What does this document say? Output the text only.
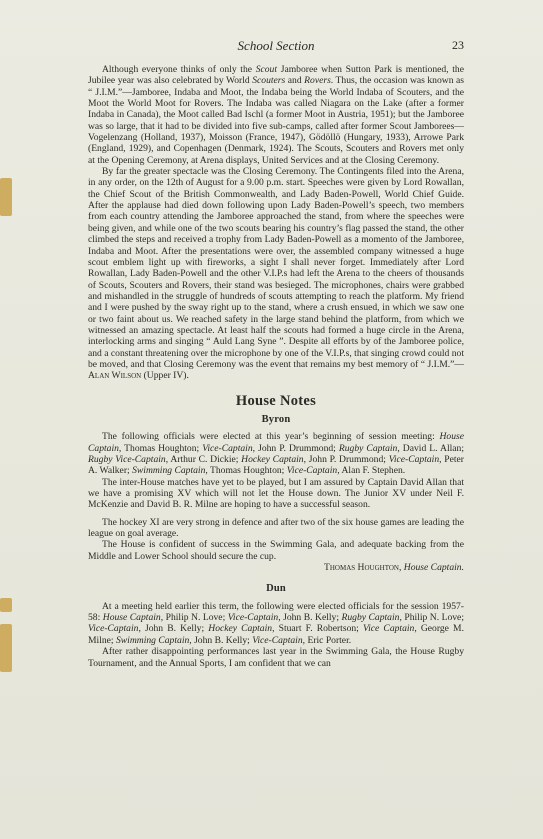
School Section	23

Although everyone thinks of only the Scout Jamboree when Sutton Park is mentioned, the Jubilee year was also celebrated by World Scouters and Rovers. Thus, the occasion was known as “ J.I.M.”—Jamboree, Indaba and Moot, the Indaba being the World Indaba of Scouters, and the Moot the World Moot for Rovers. The Indaba was called Niagara on the Lake (after a former Indaba in Canada), the Moot called Bad Ischl (a former Moot in Austria, 1951); but the Jamboree was so large, that it had to be divided into five sub-camps, called after former Scout Jamborees—Vogelenzang (Holland, 1937), Moisson (France, 1947), Gödöllö (Hungary, 1933), Arrowe Park (England, 1929), and Copenhagen (Denmark, 1924). The Scouts, Scouters and Rovers met only at the Opening Ceremony, at Arena displays, United Services and at the Closing Ceremony.

By far the greater spectacle was the Closing Ceremony. The Contingents filed into the Arena, in any order, on the 12th of August for a 9.00 p.m. start. Speeches were given by Lord Rowallan, the Chief Scout of the British Commonwealth, and Lady Baden-Powell, World Chief Guide. After the applause had died down following upon Lady Baden-Powell’s speech, two members from each country attending the Jamboree approached the stand, from where the speeches were being given, and while one of the two scouts bearing his country’s flag passed the stand, the other climbed the steps and received a trophy from Lady Baden-Powell as a momento of the Jamboree, Indaba and Moot. After the presentations were over, the assembled company witnessed a huge scout emblem light up with fireworks, a sight I shall never forget. Immediately after Lord Rowallan, Lady Baden-Powell and the other V.I.P.s had left the Arena to the cheers of thousands of Scouts, Scouters and Rovers, their stand was besieged. The microphones, chairs were grabbed and mishandled in the struggle of hundreds of scouts attempting to reach the platform. My friend and I were pushed by the sway right up to the stand, where a crush ensued, in which we saw one or two faint about us. We reached safety in the large stand behind the platform, from which we witnessed an amazing spectacle. At least half the scouts had formed a huge circle in the Arena, interlocking arms and singing “ Auld Lang Syne ”. Despite all efforts by of the Jamboree police, and a constant threatening over the microphone by one of the V.I.P.s, that singing crowd could not be moved, and that Closing Ceremony was the event that remains my best memory of “ J.I.M.”—Alan Wilson (Upper IV).

House Notes
Byron

The following officials were elected at this year’s beginning of session meeting: House Captain, Thomas Houghton; Vice-Captain, John P. Drummond; Rugby Captain, David L. Allan; Rugby Vice-Captain, Arthur C. Dickie; Hockey Captain, John P. Drummond; Vice-Captain, Peter A. Walker; Swimming Captain, Thomas Houghton; Vice-Captain, Alan F. Stephen.

The inter-House matches have yet to be played, but I am assured by Captain David Allan that we have a promising XV which will not let the House down. The Junior XV under Neil F. McKenzie and David B. R. Milne are hoping to have a successful season.

The hockey XI are very strong in defence and after two of the six house games are leading the league on goal average.

The House is confident of success in the Swimming Gala, and adequate backing from the Middle and Lower School should secure the cup.

Thomas Houghton, House Captain.
Dun

At a meeting held earlier this term, the following were elected officials for the session 1957-58: House Captain, Philip N. Love; Vice-Captain, John B. Kelly; Rugby Captain, Philip N. Love; Vice-Captain, John B. Kelly; Hockey Captain, Stuart F. Robertson; Vice Captain, George M. Milne; Swimming Captain, John B. Kelly; Vice-Captain, Eric Porter.

After rather disappointing performances last year in the Swimming Gala, the House Rugby Tournament, and the Annual Sports, I am confident that we can
